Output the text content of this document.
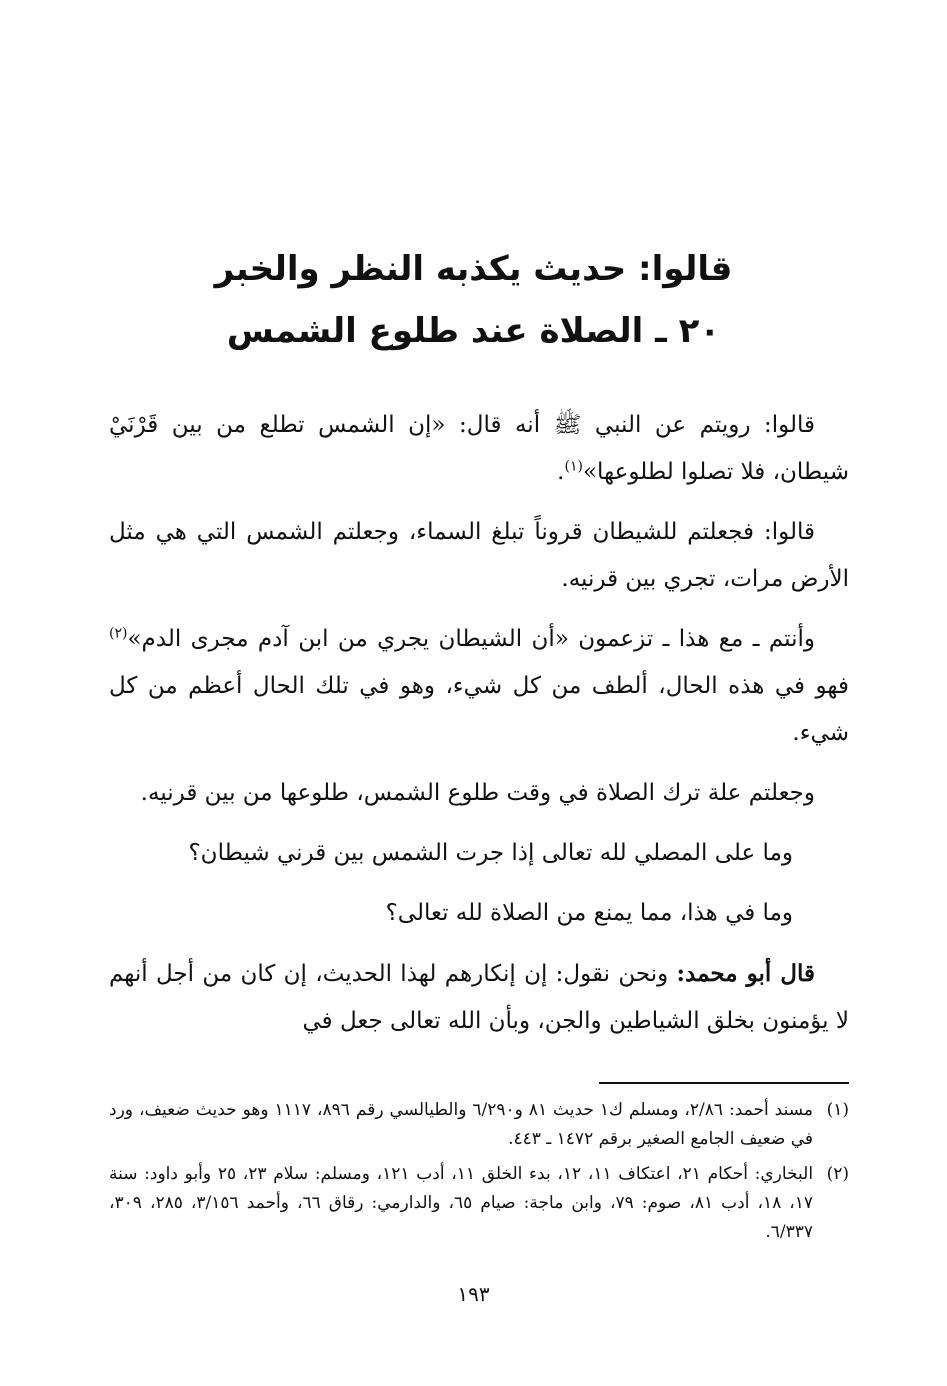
قالوا: حديث يكذبه النظر والخبر
٢٠ ـ الصلاة عند طلوع الشمس

قالوا: رويتم عن النبي ﷺ أنه قال: «إن الشمس تطلع من بين قَرْنَيْ شيطان، فلا تصلوا لطلوعها»$^{(١)}$.

قالوا: فجعلتم للشيطان قروناً تبلغ السماء، وجعلتم الشمس التي هي مثل الأرض مرات، تجري بين قرنيه.

وأنتم ـ مع هذا ـ تزعمون «أن الشيطان يجري من ابن آدم مجرى الدم»$^{(٢)}$ فهو في هذه الحال، ألطف من كل شيء، وهو في تلك الحال أعظم من كل شيء.

وجعلتم علة ترك الصلاة في وقت طلوع الشمس، طلوعها من بين قرنيه.

وما على المصلي لله تعالى إذا جرت الشمس بين قرني شيطان؟

وما في هذا، مما يمنع من الصلاة لله تعالى؟

قال أبو محمد: ونحن نقول: إن إنكارهم لهذا الحديث، إن كان من أجل أنهم لا يؤمنون بخلق الشياطين والجن، وبأن الله تعالى جعل في

(١)
مسند أحمد: ٢/٨٦، ومسلم ك١ حديث ٨١ و٦/٢٩٠ والطيالسي رقم ٨٩٦، ١١١٧ وهو حديث ضعيف، ورد في ضعيف الجامع الصغير برقم ١٤٧٢ ـ ٤٤٣.
(٢)
البخاري: أحكام ٢١، اعتكاف ١١، ١٢، بدء الخلق ١١، أدب ١٢١، ومسلم: سلام ٢٣، ٢٥ وأبو داود: سنة ١٧، ١٨، أدب ٨١، صوم: ٧٩، وابن ماجة: صيام ٦٥، والدارمي: رقاق ٦٦، وأحمد ٣/١٥٦، ٢٨٥، ٣٠٩، ٦/٣٣٧.
١٩٣
